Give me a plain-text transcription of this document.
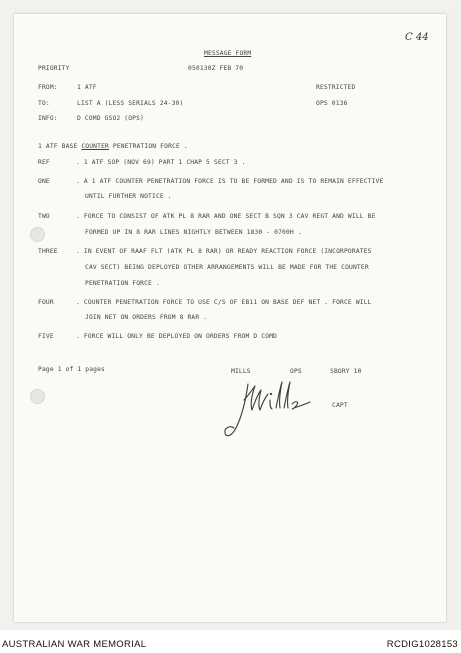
C 44
MESSAGE FORM
PRIORITY	050130Z FEB 70
FROM:	1 ATF	RESTRICTED
TO:	LIST A (LESS SERIALS 24-30)	OPS 0136
INFO:	D COMD GSO2 (OPS)
1 ATF BASE COUNTER PENETRATION FORCE .
REF	. 1 ATF SOP (NOV 69) PART 1 CHAP 5 SECT 3 .
ONE	. A 1 ATF COUNTER PENETRATION FORCE IS TO BE FORMED AND IS TO REMAIN EFFECTIVE
UNTIL FURTHER NOTICE .
TWO	. FORCE TO CONSIST OF ATK PL 8 RAR AND ONE SECT B SQN 3 CAV REGT AND WILL BE
FORMED UP IN 8 RAR LINES NIGHTLY BETWEEN 1830 - 0700H .
THREE	. IN EVENT OF RAAF FLT (ATK PL 8 RAR) OR READY REACTION FORCE (INCORPORATES
CAV SECT) BEING DEPLOYED OTHER ARRANGEMENTS WILL BE MADE FOR THE COUNTER
PENETRATION FORCE .
FOUR	. COUNTER PENETRATION FORCE TO USE C/S OF EB11 ON BASE DEF NET . FORCE WILL
JOIN NET ON ORDERS FROM 8 RAR .
FIVE	. FORCE WILL ONLY BE DEPLOYED ON ORDERS FROM D COMD
Page 1 of 1 pages	MILLS	OPS	SBORY 10
CAPT
AUSTRALIAN WAR MEMORIAL	RCDIG1028153
